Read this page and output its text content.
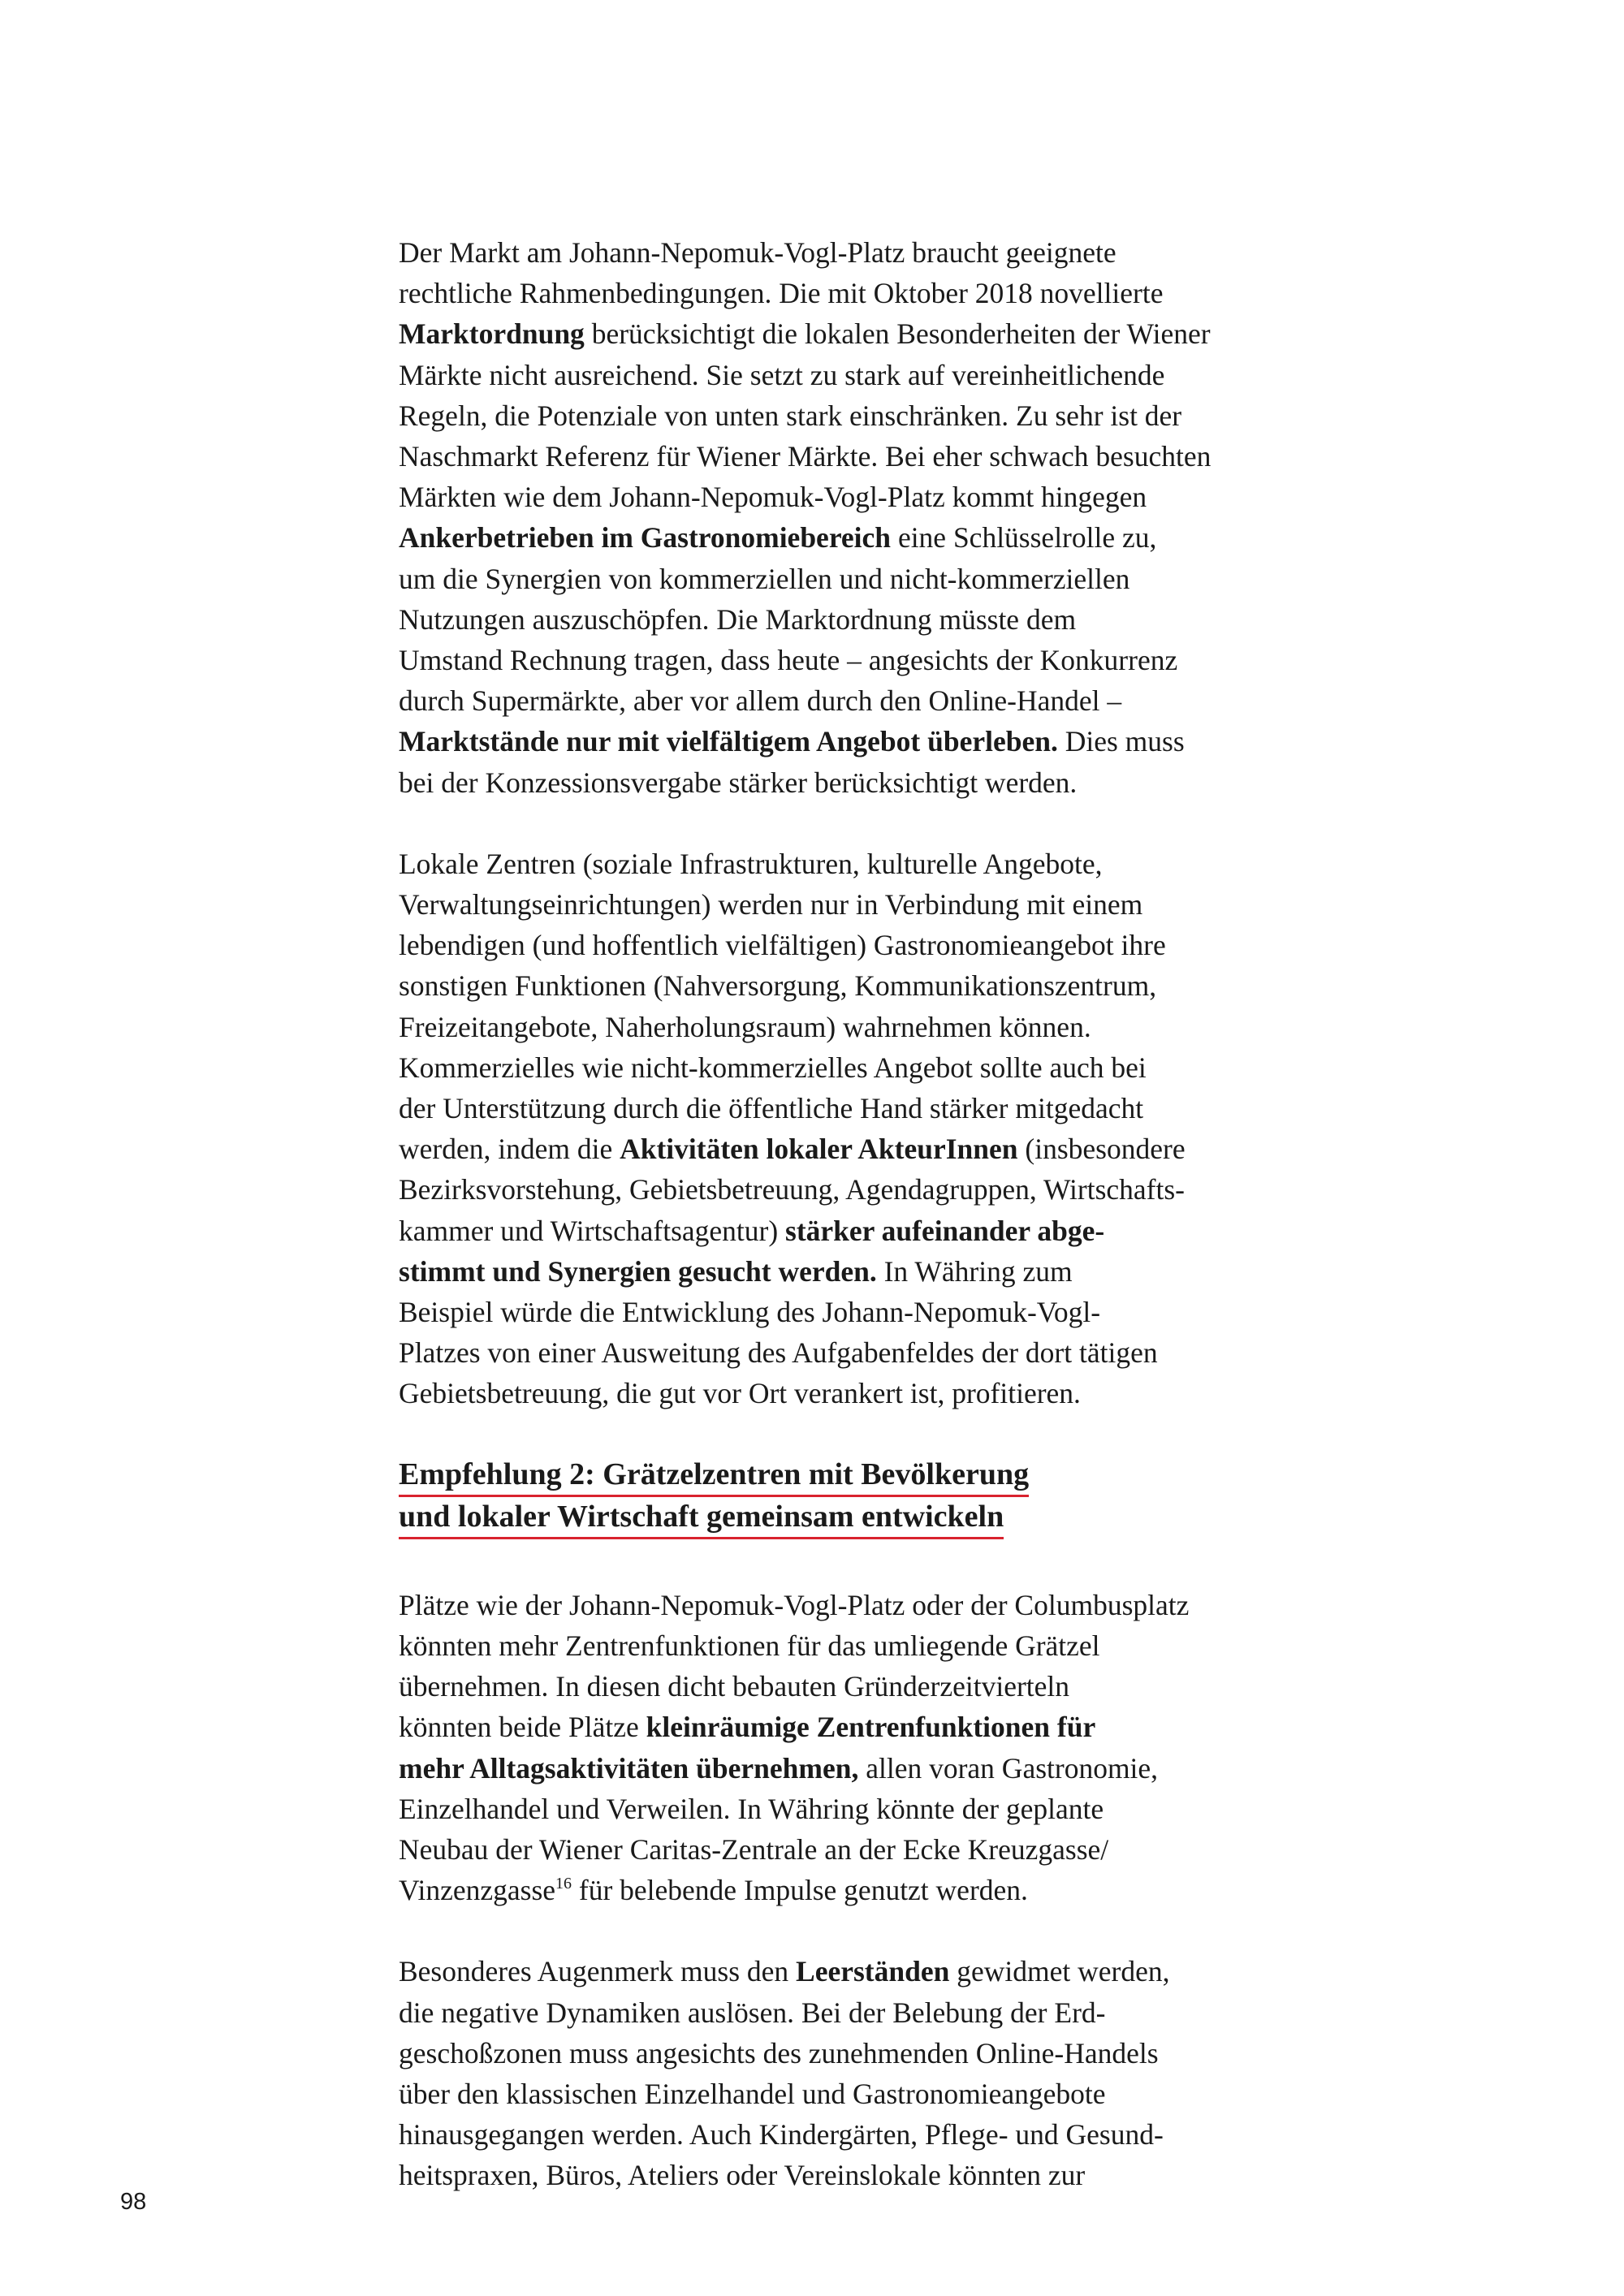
Der Markt am Johann-Nepomuk-Vogl-Platz braucht geeignete
rechtliche Rahmenbedingungen. Die mit Oktober 2018 novellierte
Marktordnung berücksichtigt die lokalen Besonderheiten der Wiener
Märkte nicht ausreichend. Sie setzt zu stark auf vereinheitlichende
Regeln, die Potenziale von unten stark einschränken. Zu sehr ist der
Naschmarkt Referenz für Wiener Märkte. Bei eher schwach besuchten
Märkten wie dem Johann-Nepomuk-Vogl-Platz kommt hingegen
Ankerbetrieben im Gastronomiebereich eine Schlüsselrolle zu,
um die Synergien von kommerziellen und nicht-kommerziellen
Nutzungen auszuschöpfen. Die Marktordnung müsste dem
Umstand Rechnung tragen, dass heute – angesichts der Konkurrenz
durch Supermärkte, aber vor allem durch den Online-Handel –
Marktstände nur mit vielfältigem Angebot überleben. Dies muss
bei der Konzessionsvergabe stärker berücksichtigt werden.

Lokale Zentren (soziale Infrastrukturen, kulturelle Angebote,
Verwaltungseinrichtungen) werden nur in Verbindung mit einem
lebendigen (und hoffentlich vielfältigen) Gastronomieangebot ihre
sonstigen Funktionen (Nahversorgung, Kommunikationszentrum,
Freizeitangebote, Naherholungsraum) wahrnehmen können.
Kommerzielles wie nicht-kommerzielles Angebot sollte auch bei
der Unterstützung durch die öffentliche Hand stärker mitgedacht
werden, indem die Aktivitäten lokaler AkteurInnen (insbesondere
Bezirksvorstehung, Gebietsbetreuung, Agendagruppen, Wirtschafts-
kammer und Wirtschaftsagentur) stärker aufeinander abge-
stimmt und Synergien gesucht werden. In Währing zum
Beispiel würde die Entwicklung des Johann-Nepomuk-Vogl-
Platzes von einer Ausweitung des Aufgabenfeldes der dort tätigen
Gebietsbetreuung, die gut vor Ort verankert ist, profitieren.

Empfehlung 2: Grätzelzentren mit Bevölkerung
und lokaler Wirtschaft gemeinsam entwickeln

Plätze wie der Johann-Nepomuk-Vogl-Platz oder der Columbusplatz
könnten mehr Zentrenfunktionen für das umliegende Grätzel
übernehmen. In diesen dicht bebauten Gründerzeitvierteln
könnten beide Plätze kleinräumige Zentrenfunktionen für
mehr Alltagsaktivitäten übernehmen, allen voran Gastronomie,
Einzelhandel und Verweilen. In Währing könnte der geplante
Neubau der Wiener Caritas-Zentrale an der Ecke Kreuzgasse/
Vinzenzgasse$^{16}$ für belebende Impulse genutzt werden.

Besonderes Augenmerk muss den Leerständen gewidmet werden,
die negative Dynamiken auslösen. Bei der Belebung der Erd-
geschoßzonen muss angesichts des zunehmenden Online-Handels
über den klassischen Einzelhandel und Gastronomieangebote
hinausgegangen werden. Auch Kindergärten, Pflege- und Gesund-
heitspraxen, Büros, Ateliers oder Vereinslokale könnten zur

98
